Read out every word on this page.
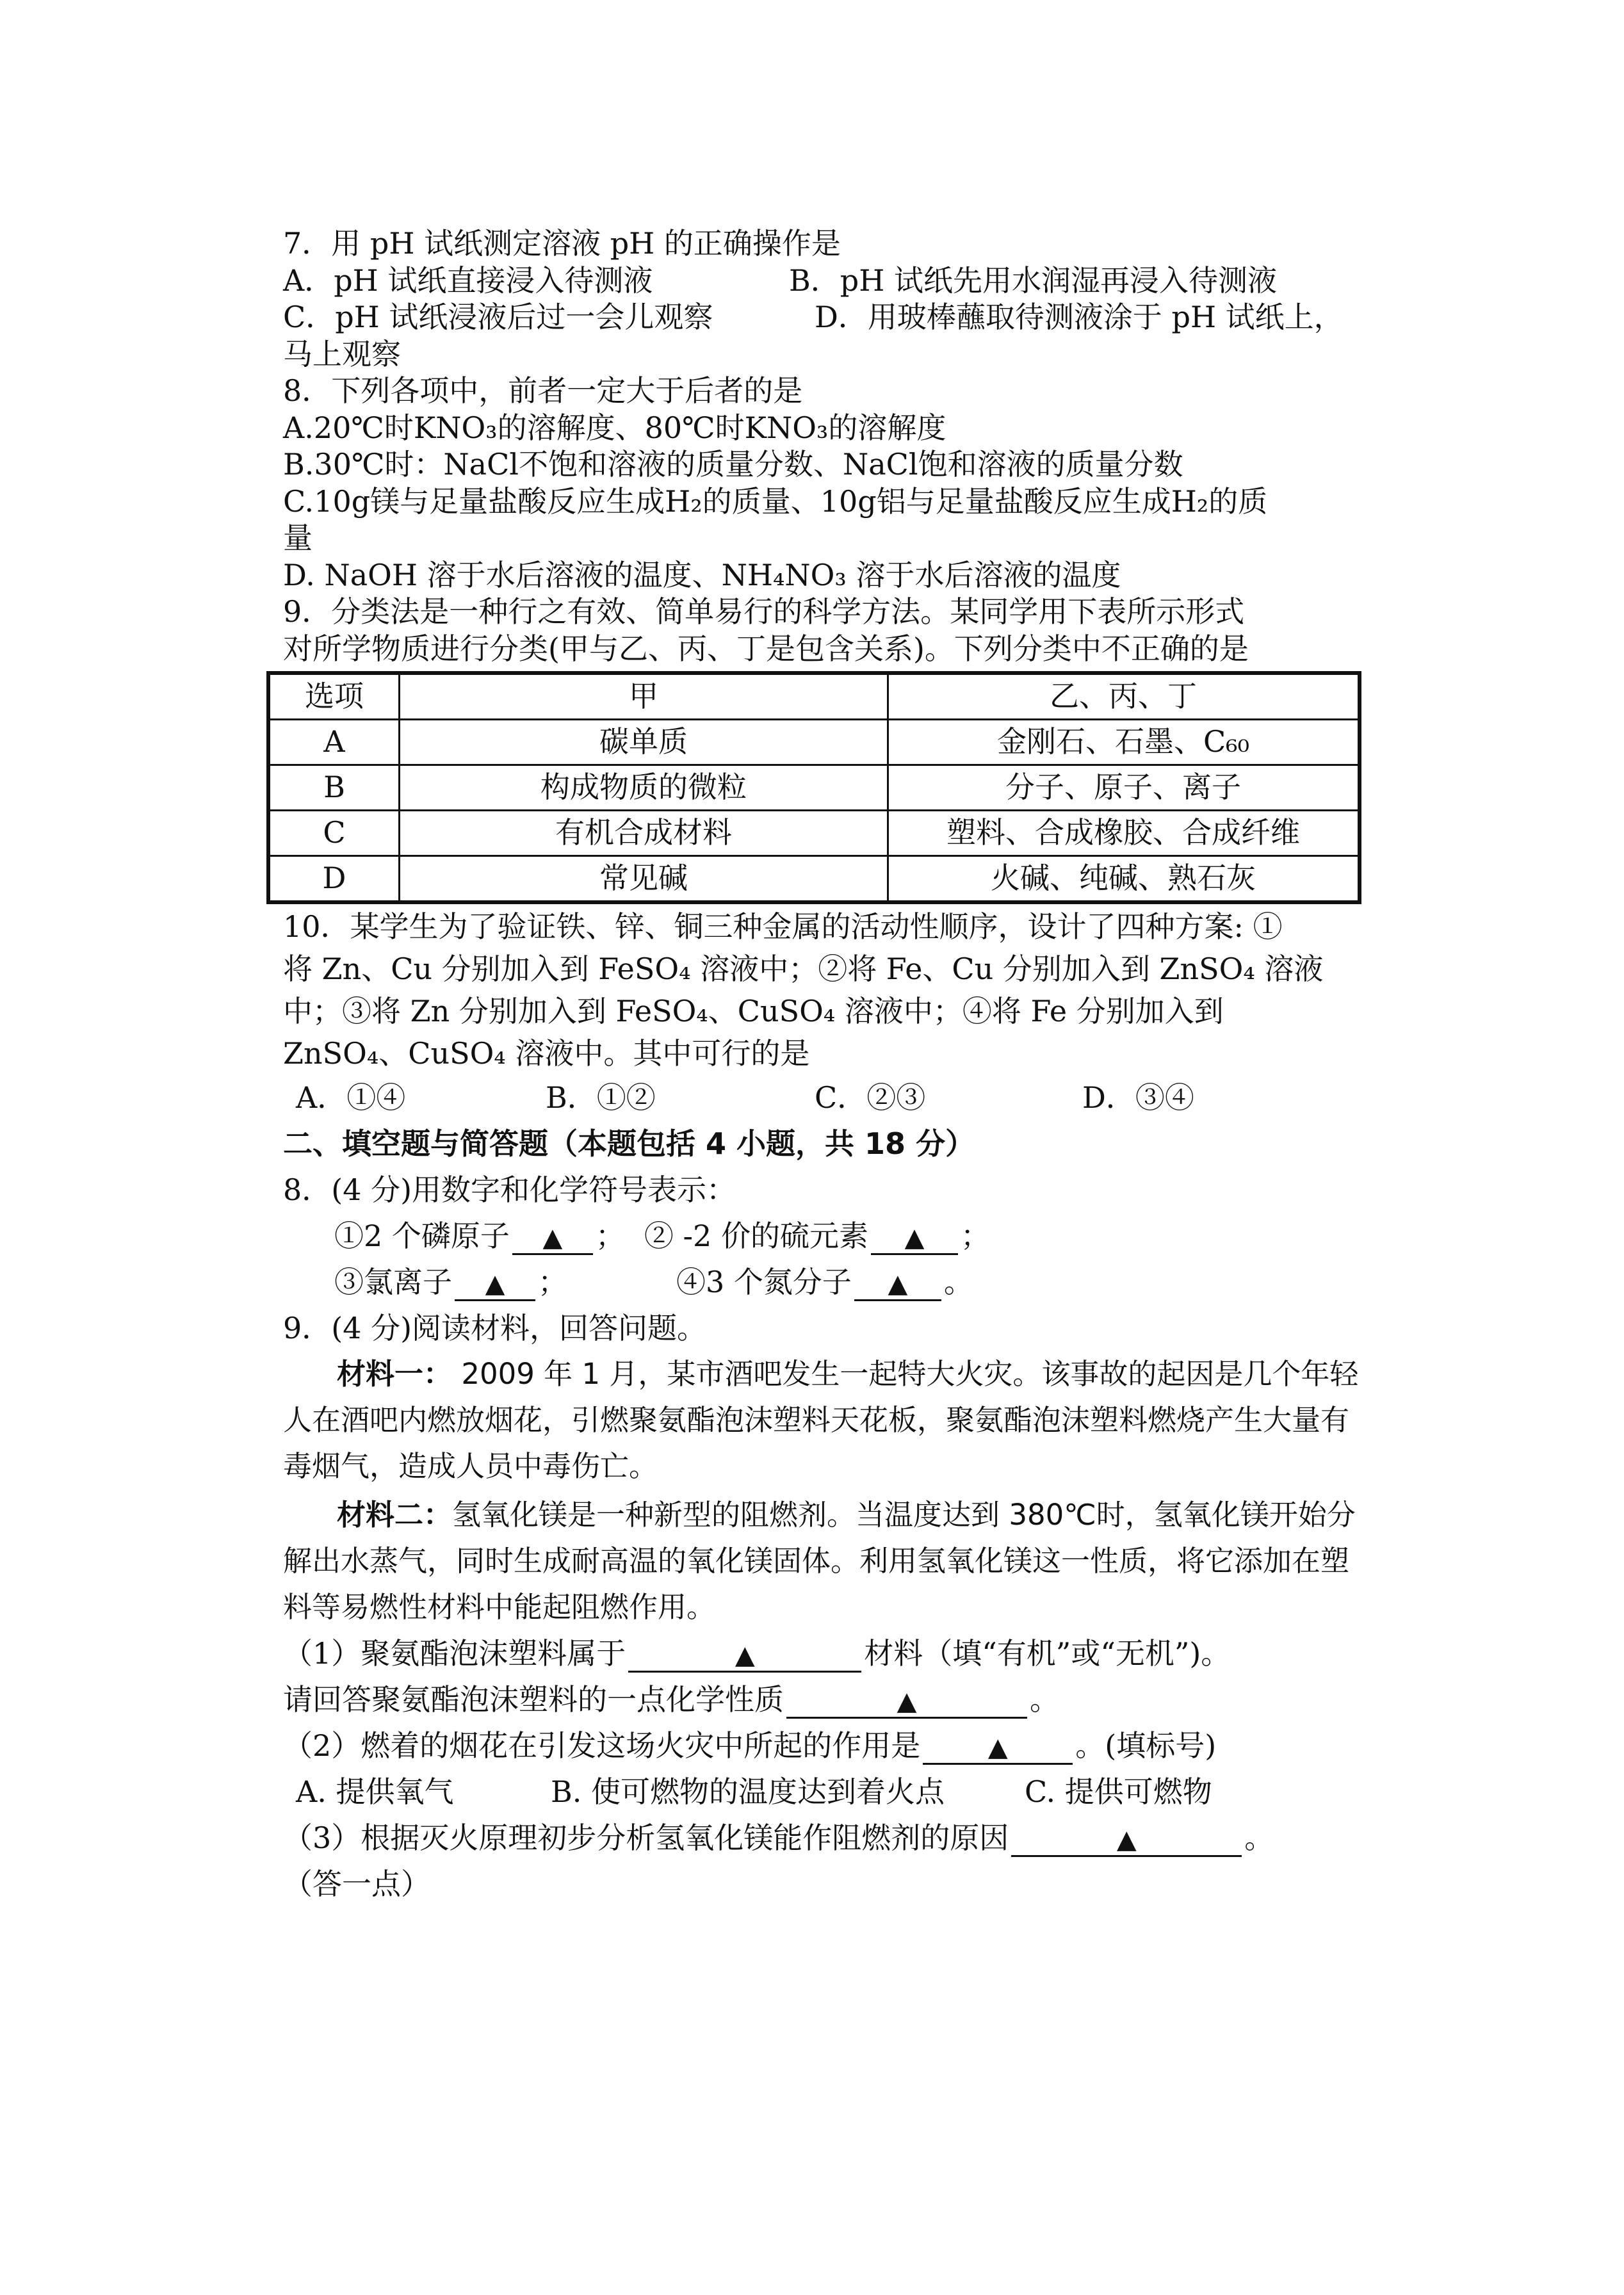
7．用 pH 试纸测定溶液 pH 的正确操作是
A．pH 试纸直接浸入待测液	B．pH 试纸先用水润湿再浸入待测液
C．pH 试纸浸液后过一会儿观察	D．用玻棒蘸取待测液涂于 pH 试纸上，
马上观察
8．下列各项中，前者一定大于后者的是
A.20℃时KNO₃的溶解度、80℃时KNO₃的溶解度
B.30℃时：NaCl不饱和溶液的质量分数、NaCl饱和溶液的质量分数
C.10g镁与足量盐酸反应生成H₂的质量、10g铝与足量盐酸反应生成H₂的质
量
D. NaOH 溶于水后溶液的温度、NH₄NO₃ 溶于水后溶液的温度
9．分类法是一种行之有效、简单易行的科学方法。某同学用下表所示形式
对所学物质进行分类(甲与乙、丙、丁是包含关系)。下列分类中不正确的是
选项	甲	乙、丙、丁
A	碳单质	金刚石、石墨、C₆₀
B	构成物质的微粒	分子、原子、离子
C	有机合成材料	塑料、合成橡胶、合成纤维
D	常见碱	火碱、纯碱、熟石灰
10．某学生为了验证铁、锌、铜三种金属的活动性顺序，设计了四种方案: ①
将 Zn、Cu 分别加入到 FeSO₄ 溶液中；②将 Fe、Cu 分别加入到 ZnSO₄ 溶液
中；③将 Zn 分别加入到 FeSO₄、CuSO₄ 溶液中；④将 Fe 分别加入到
ZnSO₄、CuSO₄ 溶液中。其中可行的是
A．①④	B．①②	C．②③	D．③④
二、填空题与简答题（本题包括 4 小题，共 18 分）
8．(4 分)用数字和化学符号表示：
①2 个磷原子 ▲ ； ② -2 价的硫元素 ▲ ；
③氯离子 ▲ ；	④3 个氮分子 ▲ 。
9．(4 分)阅读材料，回答问题。
材料一： 2009 年 1 月，某市酒吧发生一起特大火灾。该事故的起因是几个年轻人在酒吧内燃放烟花，引燃聚氨酯泡沫塑料天花板，聚氨酯泡沫塑料燃烧产生大量有毒烟气，造成人员中毒伤亡。
材料二：氢氧化镁是一种新型的阻燃剂。当温度达到 380℃时，氢氧化镁开始分解出水蒸气，同时生成耐高温的氧化镁固体。利用氢氧化镁这一性质，将它添加在塑料等易燃性材料中能起阻燃作用。
（1）聚氨酯泡沫塑料属于	▲	材料（填“有机”或“无机”)。
请回答聚氨酯泡沫塑料的一点化学性质	▲	。
（2）燃着的烟花在引发这场火灾中所起的作用是	▲ 。(填标号)
A. 提供氧气	B. 使可燃物的温度达到着火点	C. 提供可燃物
（3）根据灭火原理初步分析氢氧化镁能作阻燃剂的原因	▲	。
（答一点）
